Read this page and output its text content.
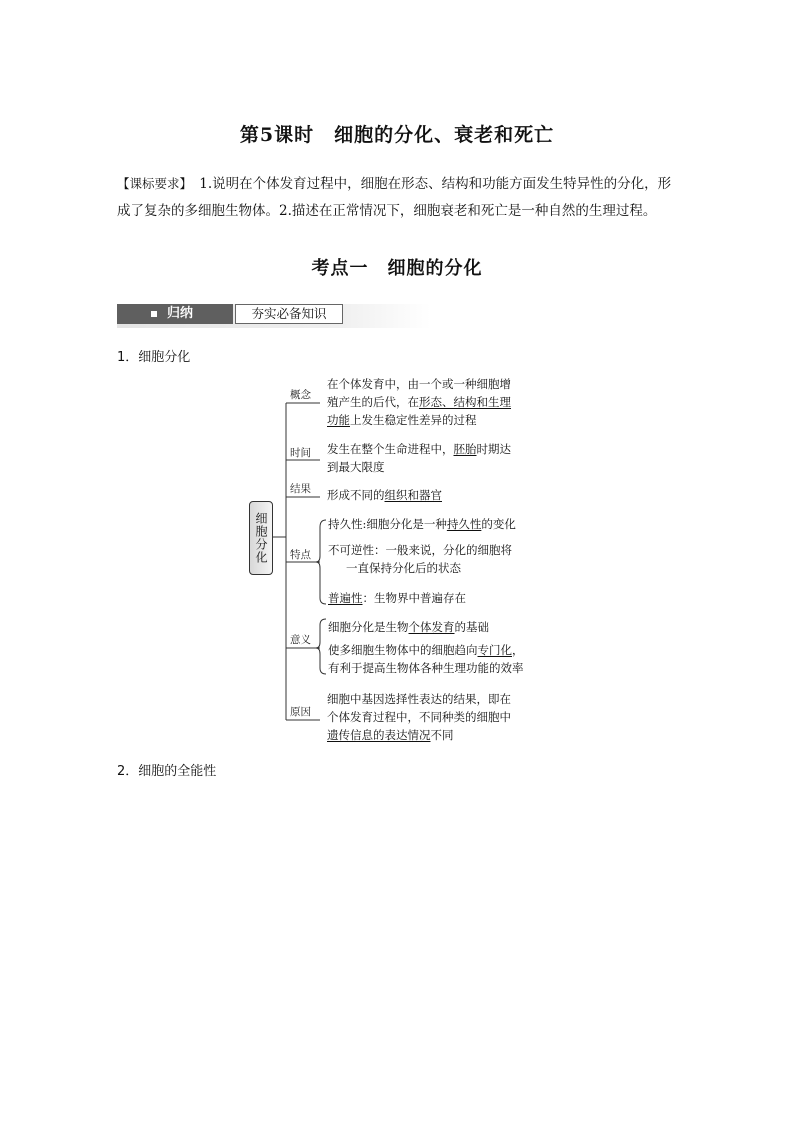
第5课时　细胞的分化、衰老和死亡
【课标要求】　1.说明在个体发育过程中，细胞在形态、结构和功能方面发生特异性的分化，形
成了复杂的多细胞生物体。2.描述在正常情况下，细胞衰老和死亡是一种自然的生理过程。
考点一　细胞的分化
归纳	夯实必备知识
1．细胞分化
细胞分化
概念
在个体发育中，由一个或一种细胞增
殖产生的后代，在形态、结构和生理
功能上发生稳定性差异的过程
时间 发生在整个生命进程中，胚胎时期达
到最大限度
结果 形成不同的组织和器官
特点
持久性:细胞分化是一种持久性的变化
不可逆性：一般来说，分化的细胞将
一直保持分化后的状态
普遍性：生物界中普遍存在
意义
细胞分化是生物个体发育的基础
使多细胞生物体中的细胞趋向专门化，
有利于提高生物体各种生理功能的效率
原因
细胞中基因选择性表达的结果，即在
个体发育过程中，不同种类的细胞中
遗传信息的表达情况不同
2．细胞的全能性
